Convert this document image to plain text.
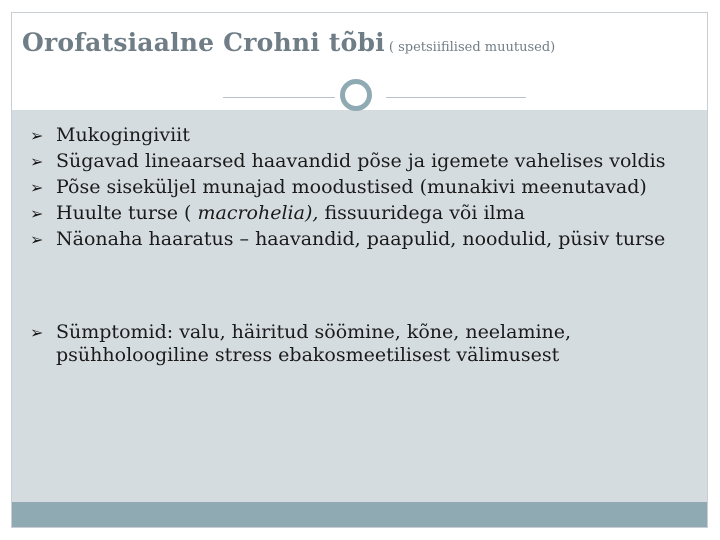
Orofatsiaalne Crohni tõbi ( spetsiifilised muutused)
➢ Mukogingiviit
➢ Sügavad lineaarsed haavandid põse ja igemete vahelises voldis
➢ Põse siseküljel munajad moodustised (munakivi meenutavad)
➢ Huulte turse ( macrohelia), fissuuridega või ilma
➢ Näonaha haaratus – haavandid, paapulid, noodulid, püsiv turse
➢ Sümptomid: valu, häiritud söömine, kõne, neelamine, psühholoogiline stress ebakosmeetilisest välimusest
